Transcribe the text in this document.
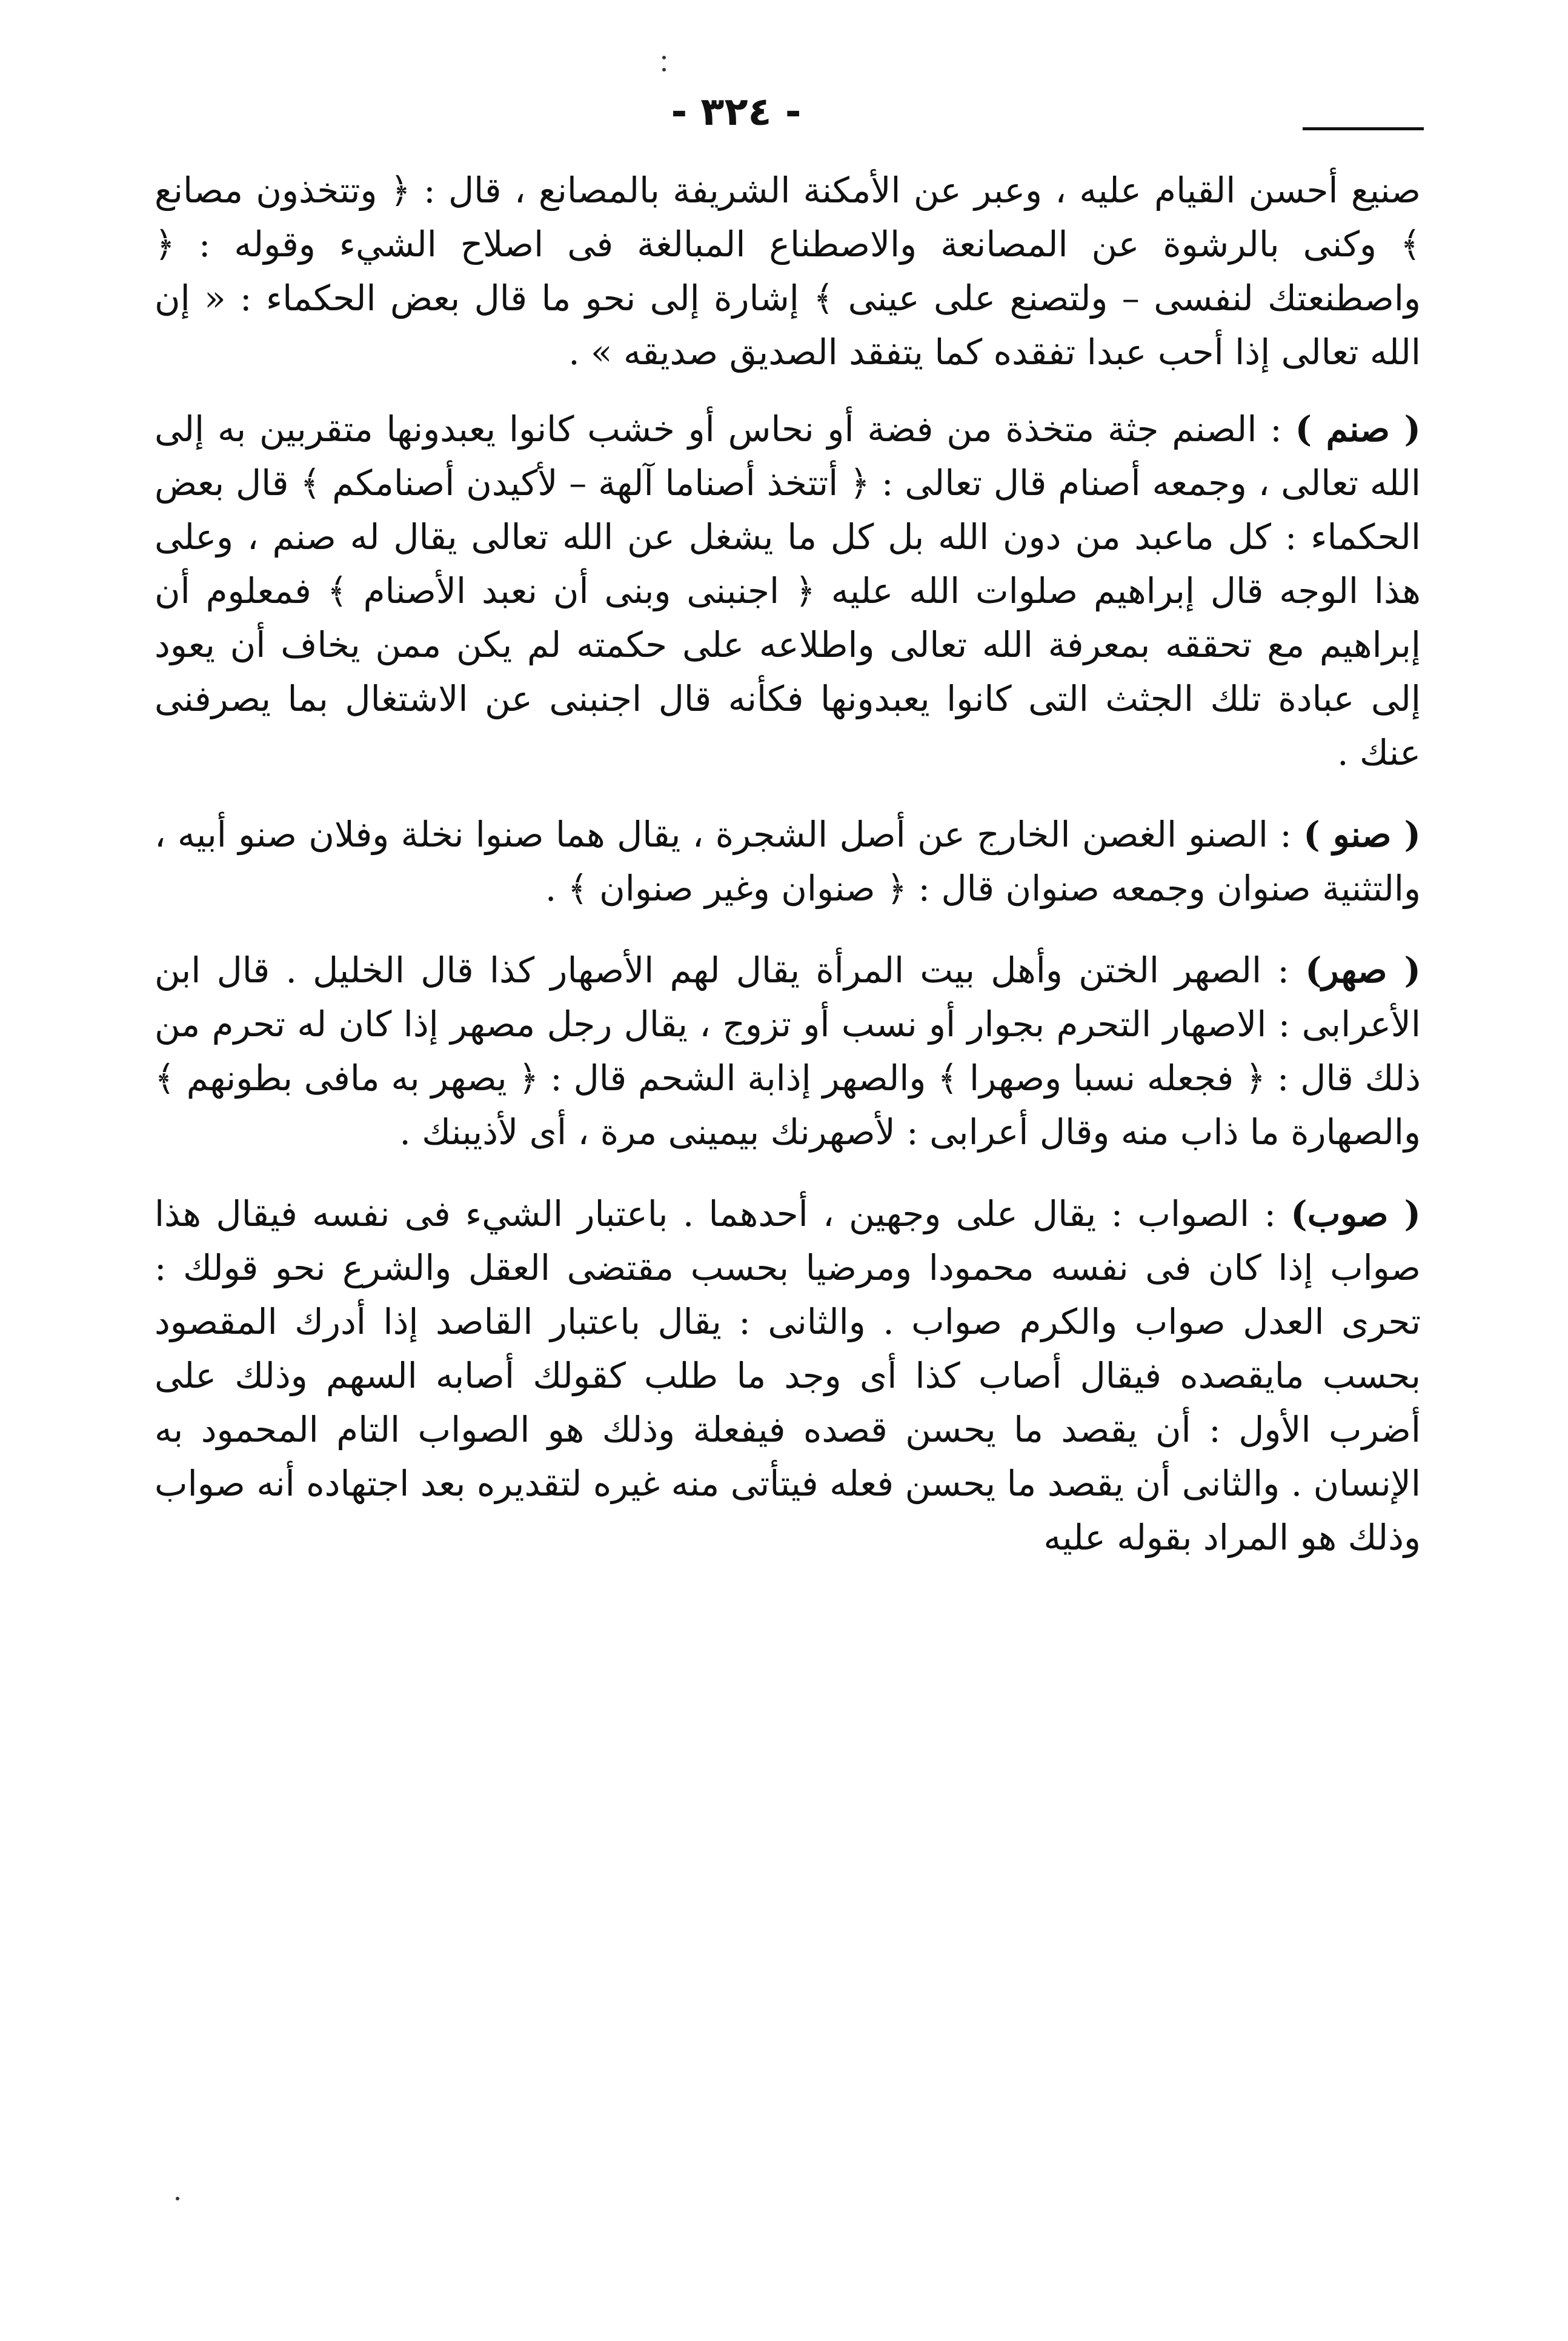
- ٣٢٤ -

صنيع أحسن القيام عليه ، وعبر عن الأمكنة الشريفة بالمصانع ، قال : ﴿ وتتخذون مصانع ﴾ وكنى بالرشوة عن المصانعة والاصطناع المبالغة فى اصلاح الشيء وقوله : ﴿ واصطنعتك لنفسى – ولتصنع على عينى ﴾ إشارة إلى نحو ما قال بعض الحكماء : « إن الله تعالى إذا أحب عبدا تفقده كما يتفقد الصديق صديقه » .

( صنم ) : الصنم جثة متخذة من فضة أو نحاس أو خشب كانوا يعبدونها متقربين به إلى الله تعالى ، وجمعه أصنام قال تعالى : ﴿ أتتخذ أصناما آلهة – لأكيدن أصنامكم ﴾ قال بعض الحكماء : كل ماعبد من دون الله بل كل ما يشغل عن الله تعالى يقال له صنم ، وعلى هذا الوجه قال إبراهيم صلوات الله عليه ﴿ اجنبنى وبنى أن نعبد الأصنام ﴾ فمعلوم أن إبراهيم مع تحققه بمعرفة الله تعالى واطلاعه على حكمته لم يكن ممن يخاف أن يعود إلى عبادة تلك الجثث التى كانوا يعبدونها فكأنه قال اجنبنى عن الاشتغال بما يصرفنى عنك .

( صنو ) : الصنو الغصن الخارج عن أصل الشجرة ، يقال هما صنوا نخلة وفلان صنو أبيه ، والتثنية صنوان وجمعه صنوان قال : ﴿ صنوان وغير صنوان ﴾ .

( صهر) : الصهر الختن وأهل بيت المرأة يقال لهم الأصهار كذا قال الخليل . قال ابن الأعرابى : الاصهار التحرم بجوار أو نسب أو تزوج ، يقال رجل مصهر إذا كان له تحرم من ذلك قال : ﴿ فجعله نسبا وصهرا ﴾ والصهر إذابة الشحم قال : ﴿ يصهر به مافى بطونهم ﴾ والصهارة ما ذاب منه وقال أعرابى : لأصهرنك بيمينى مرة ، أى لأذيبنك .

( صوب) : الصواب : يقال على وجهين ، أحدهما . باعتبار الشيء فى نفسه فيقال هذا صواب إذا كان فى نفسه محمودا ومرضيا بحسب مقتضى العقل والشرع نحو قولك : تحرى العدل صواب والكرم صواب . والثانى : يقال باعتبار القاصد إذا أدرك المقصود بحسب مايقصده فيقال أصاب كذا أى وجد ما طلب كقولك أصابه السهم وذلك على أضرب الأول : أن يقصد ما يحسن قصده فيفعلة وذلك هو الصواب التام المحمود به الإنسان . والثانى أن يقصد ما يحسن فعله فيتأتى منه غيره لتقديره بعد اجتهاده أنه صواب وذلك هو المراد بقوله عليه
